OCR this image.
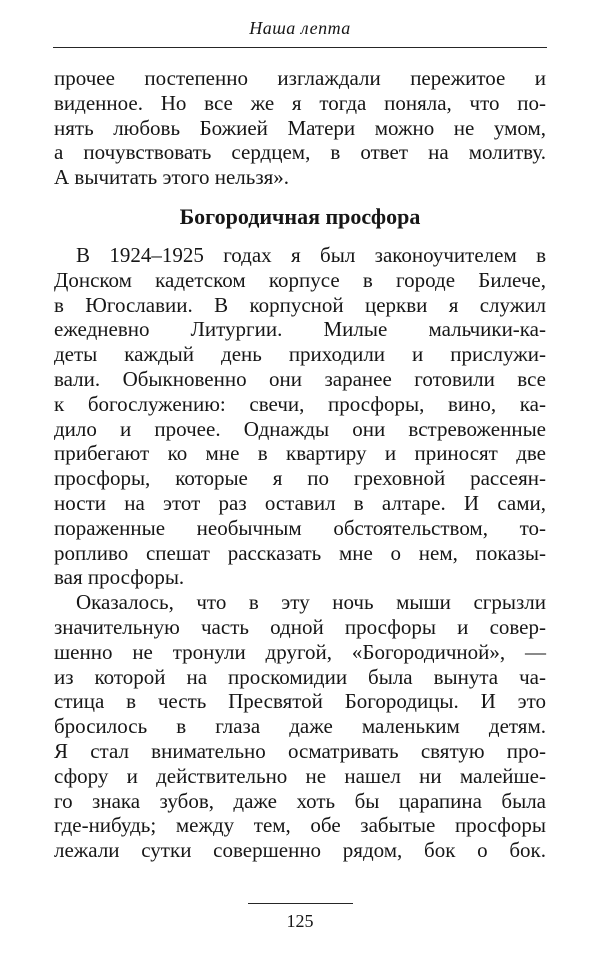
Наша лепта
прочее постепенно изглаждали пережитое и
виденное. Но все же я тогда поняла, что по-
нять любовь Божией Матери можно не умом,
а почувствовать сердцем, в ответ на молитву.
А вычитать этого нельзя».
Богородичная просфора
В 1924–1925 годах я был законоучителем в
Донском кадетском корпусе в городе Билече,
в Югославии. В корпусной церкви я служил
ежедневно Литургии. Милые мальчики-ка-
деты каждый день приходили и прислужи-
вали. Обыкновенно они заранее готовили все
к богослужению: свечи, просфоры, вино, ка-
дило и прочее. Однажды они встревоженные
прибегают ко мне в квартиру и приносят две
просфоры, которые я по греховной рассеян-
ности на этот раз оставил в алтаре. И сами,
пораженные необычным обстоятельством, то-
ропливо спешат рассказать мне о нем, показы-
вая просфоры.
Оказалось, что в эту ночь мыши сгрызли
значительную часть одной просфоры и совер-
шенно не тронули другой, «Богородичной», —
из которой на проскомидии была вынута ча-
стица в честь Пресвятой Богородицы. И это
бросилось в глаза даже маленьким детям.
Я стал внимательно осматривать святую про-
сфору и действительно не нашел ни малейше-
го знака зубов, даже хоть бы царапина была
где-нибудь; между тем, обе забытые просфоры
лежали сутки совершенно рядом, бок о бок.
125
